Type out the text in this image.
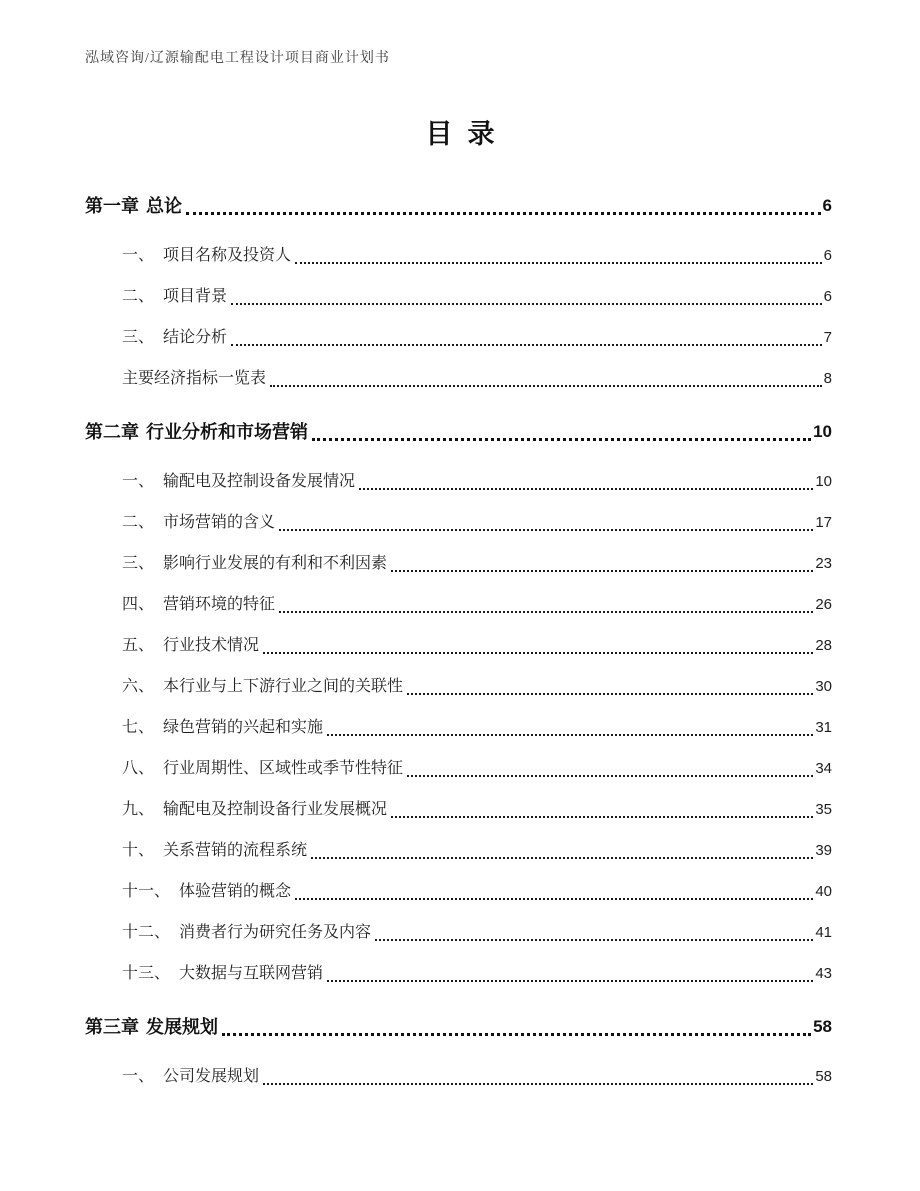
泓域咨询/辽源输配电工程设计项目商业计划书
目录
第一章 总论	6
一、 项目名称及投资人	6
二、 项目背景	6
三、 结论分析	7
主要经济指标一览表	8
第二章 行业分析和市场营销	10
一、 输配电及控制设备发展情况	10
二、 市场营销的含义	17
三、 影响行业发展的有利和不利因素	23
四、 营销环境的特征	26
五、 行业技术情况	28
六、 本行业与上下游行业之间的关联性	30
七、 绿色营销的兴起和实施	31
八、 行业周期性、区域性或季节性特征	34
九、 输配电及控制设备行业发展概况	35
十、 关系营销的流程系统	39
十一、 体验营销的概念	40
十二、 消费者行为研究任务及内容	41
十三、 大数据与互联网营销	43
第三章 发展规划	58
一、 公司发展规划	58
